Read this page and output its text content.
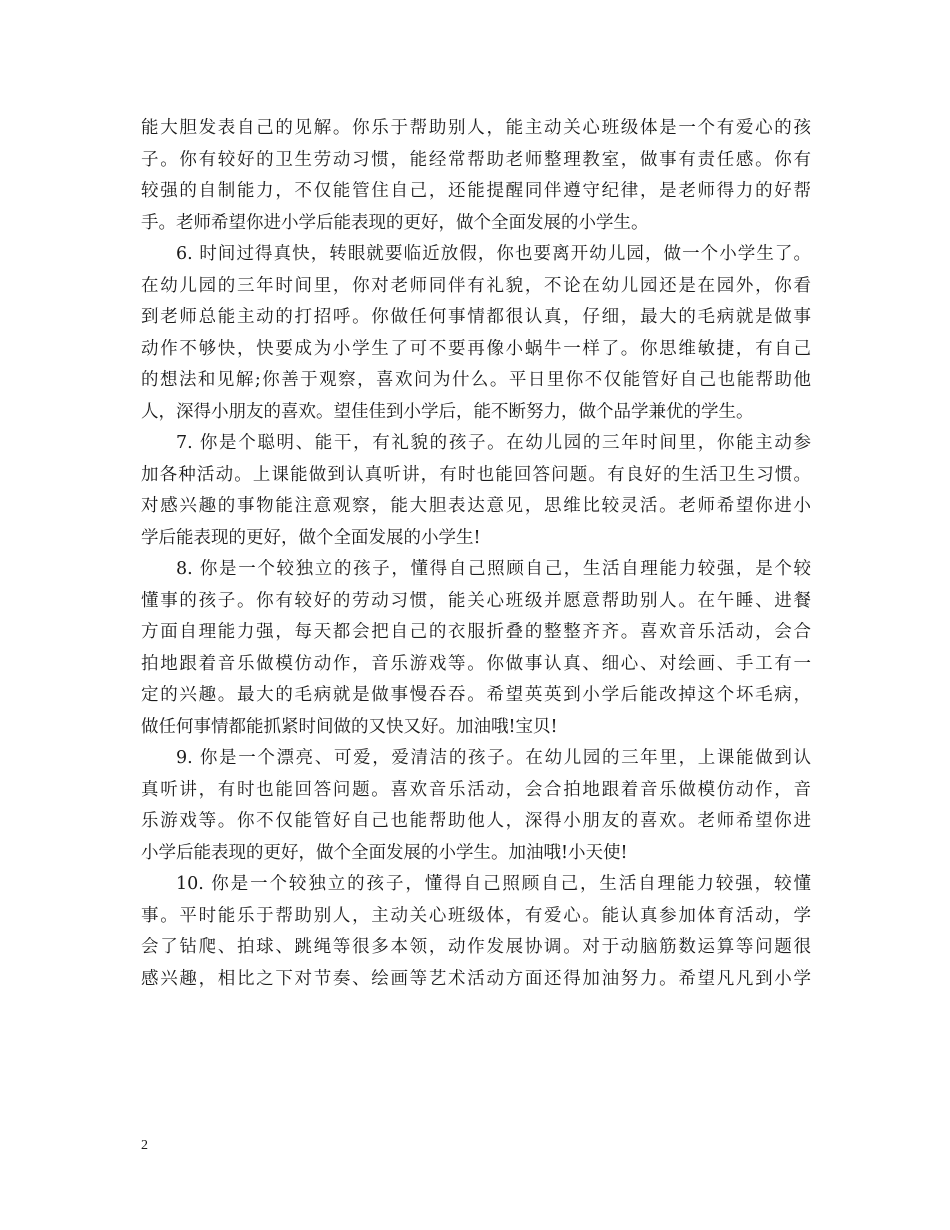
能大胆发表自己的见解。你乐于帮助别人，能主动关心班级体是一个有爱心的孩
子。你有较好的卫生劳动习惯，能经常帮助老师整理教室，做事有责任感。你有
较强的自制能力，不仅能管住自己，还能提醒同伴遵守纪律，是老师得力的好帮
手。老师希望你进小学后能表现的更好，做个全面发展的小学生。
6. 时间过得真快，转眼就要临近放假，你也要离开幼儿园，做一个小学生了。
在幼儿园的三年时间里，你对老师同伴有礼貌，不论在幼儿园还是在园外，你看
到老师总能主动的打招呼。你做任何事情都很认真，仔细，最大的毛病就是做事
动作不够快，快要成为小学生了可不要再像小蜗牛一样了。你思维敏捷，有自己
的想法和见解;你善于观察，喜欢问为什么。平日里你不仅能管好自己也能帮助他
人，深得小朋友的喜欢。望佳佳到小学后，能不断努力，做个品学兼优的学生。
7. 你是个聪明、能干，有礼貌的孩子。在幼儿园的三年时间里，你能主动参
加各种活动。上课能做到认真听讲，有时也能回答问题。有良好的生活卫生习惯。
对感兴趣的事物能注意观察，能大胆表达意见，思维比较灵活。老师希望你进小
学后能表现的更好，做个全面发展的小学生!
8. 你是一个较独立的孩子，懂得自己照顾自己，生活自理能力较强，是个较
懂事的孩子。你有较好的劳动习惯，能关心班级并愿意帮助别人。在午睡、进餐
方面自理能力强，每天都会把自己的衣服折叠的整整齐齐。喜欢音乐活动，会合
拍地跟着音乐做模仿动作，音乐游戏等。你做事认真、细心、对绘画、手工有一
定的兴趣。最大的毛病就是做事慢吞吞。希望英英到小学后能改掉这个坏毛病，
做任何事情都能抓紧时间做的又快又好。加油哦!宝贝!
9. 你是一个漂亮、可爱，爱清洁的孩子。在幼儿园的三年里，上课能做到认
真听讲，有时也能回答问题。喜欢音乐活动，会合拍地跟着音乐做模仿动作，音
乐游戏等。你不仅能管好自己也能帮助他人，深得小朋友的喜欢。老师希望你进
小学后能表现的更好，做个全面发展的小学生。加油哦!小天使!
10. 你是一个较独立的孩子，懂得自己照顾自己，生活自理能力较强，较懂
事。平时能乐于帮助别人，主动关心班级体，有爱心。能认真参加体育活动，学
会了钻爬、拍球、跳绳等很多本领，动作发展协调。对于动脑筋数运算等问题很
感兴趣，相比之下对节奏、绘画等艺术活动方面还得加油努力。希望凡凡到小学
2
